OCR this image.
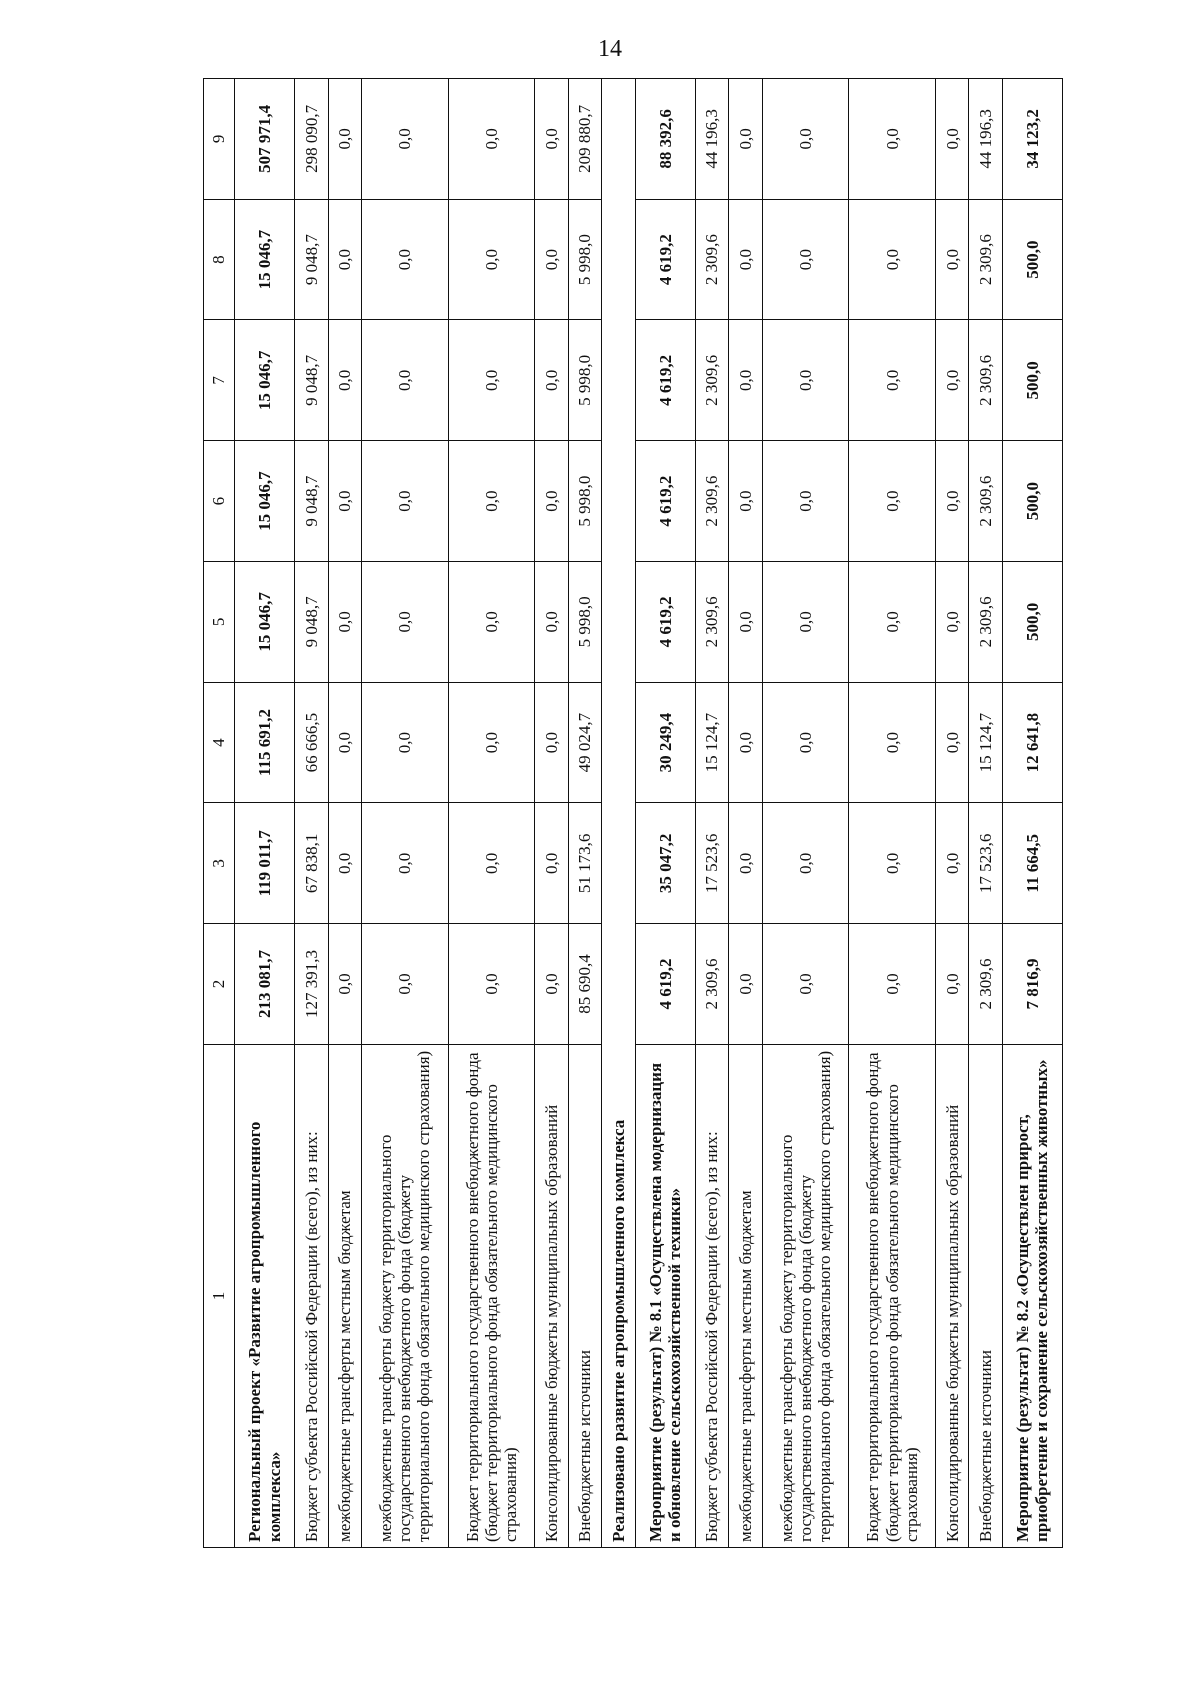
14
1	2	3	4	5	6	7	8	9
Региональный проект «Развитие агропромышленного комплекса»	213 081,7	119 011,7	115 691,2	15 046,7	15 046,7	15 046,7	15 046,7	507 971,4
Бюджет субъекта Российской Федерации (всего), из них:	127 391,3	67 838,1	66 666,5	9 048,7	9 048,7	9 048,7	9 048,7	298 090,7
межбюджетные трансферты местным бюджетам	0,0	0,0	0,0	0,0	0,0	0,0	0,0	0,0
межбюджетные трансферты бюджету территориального государственного внебюджетного фонда (бюджету территориального фонда обязательного медицинского страхования)	0,0	0,0	0,0	0,0	0,0	0,0	0,0	0,0
Бюджет территориального государственного внебюджетного фонда (бюджет территориального фонда обязательного медицинского страхования)	0,0	0,0	0,0	0,0	0,0	0,0	0,0	0,0
Консолидированные бюджеты муниципальных образований	0,0	0,0	0,0	0,0	0,0	0,0	0,0	0,0
Внебюджетные источники	85 690,4	51 173,6	49 024,7	5 998,0	5 998,0	5 998,0	5 998,0	209 880,7
Реализовано развитие агропромышленного комплекса								
Мероприятие (результат) № 8.1 «Осуществлена модернизация и обновление сельскохозяйственной техники»	4 619,2	35 047,2	30 249,4	4 619,2	4 619,2	4 619,2	4 619,2	88 392,6
Бюджет субъекта Российской Федерации (всего), из них:	2 309,6	17 523,6	15 124,7	2 309,6	2 309,6	2 309,6	2 309,6	44 196,3
межбюджетные трансферты местным бюджетам	0,0	0,0	0,0	0,0	0,0	0,0	0,0	0,0
межбюджетные трансферты бюджету территориального государственного внебюджетного фонда (бюджету территориального фонда обязательного медицинского страхования)	0,0	0,0	0,0	0,0	0,0	0,0	0,0	0,0
Бюджет территориального государственного внебюджетного фонда (бюджет территориального фонда обязательного медицинского страхования)	0,0	0,0	0,0	0,0	0,0	0,0	0,0	0,0
Консолидированные бюджеты муниципальных образований	0,0	0,0	0,0	0,0	0,0	0,0	0,0	0,0
Внебюджетные источники	2 309,6	17 523,6	15 124,7	2 309,6	2 309,6	2 309,6	2 309,6	44 196,3
Мероприятие (результат) № 8.2 «Осуществлен прирост, приобретение и сохранение сельскохозяйственных животных»	7 816,9	11 664,5	12 641,8	500,0	500,0	500,0	500,0	34 123,2
